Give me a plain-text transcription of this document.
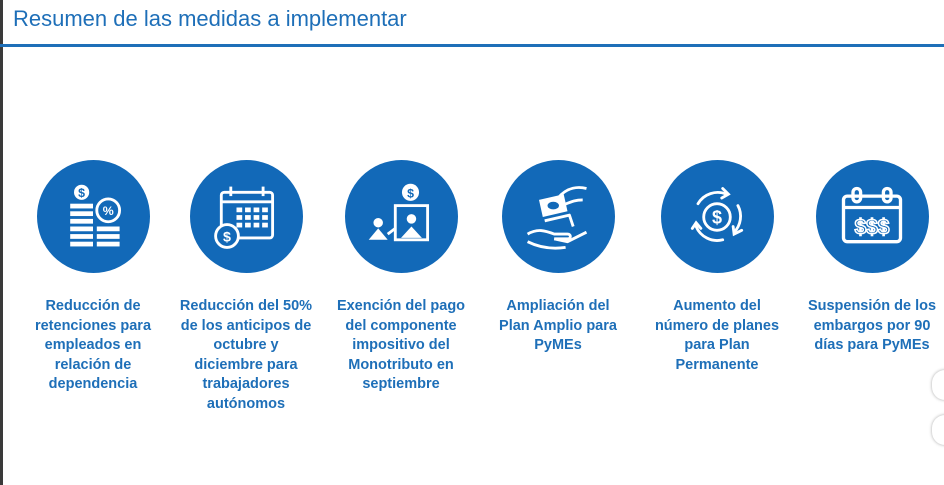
Resumen de las medidas a implementar
$
%
Reducción de
retenciones para
empleados en
relación de
dependencia
$
Reducción del 50%
de los anticipos de
octubre y
diciembre para
trabajadores
autónomos
$
Exención del pago
del componente
impositivo del
Monotributo en
septiembre
Ampliación del
Plan Amplio para
PyMEs
$
Aumento del
número de planes
para Plan
Permanente
$$$
Suspensión de los
embargos por 90
días para PyMEs
